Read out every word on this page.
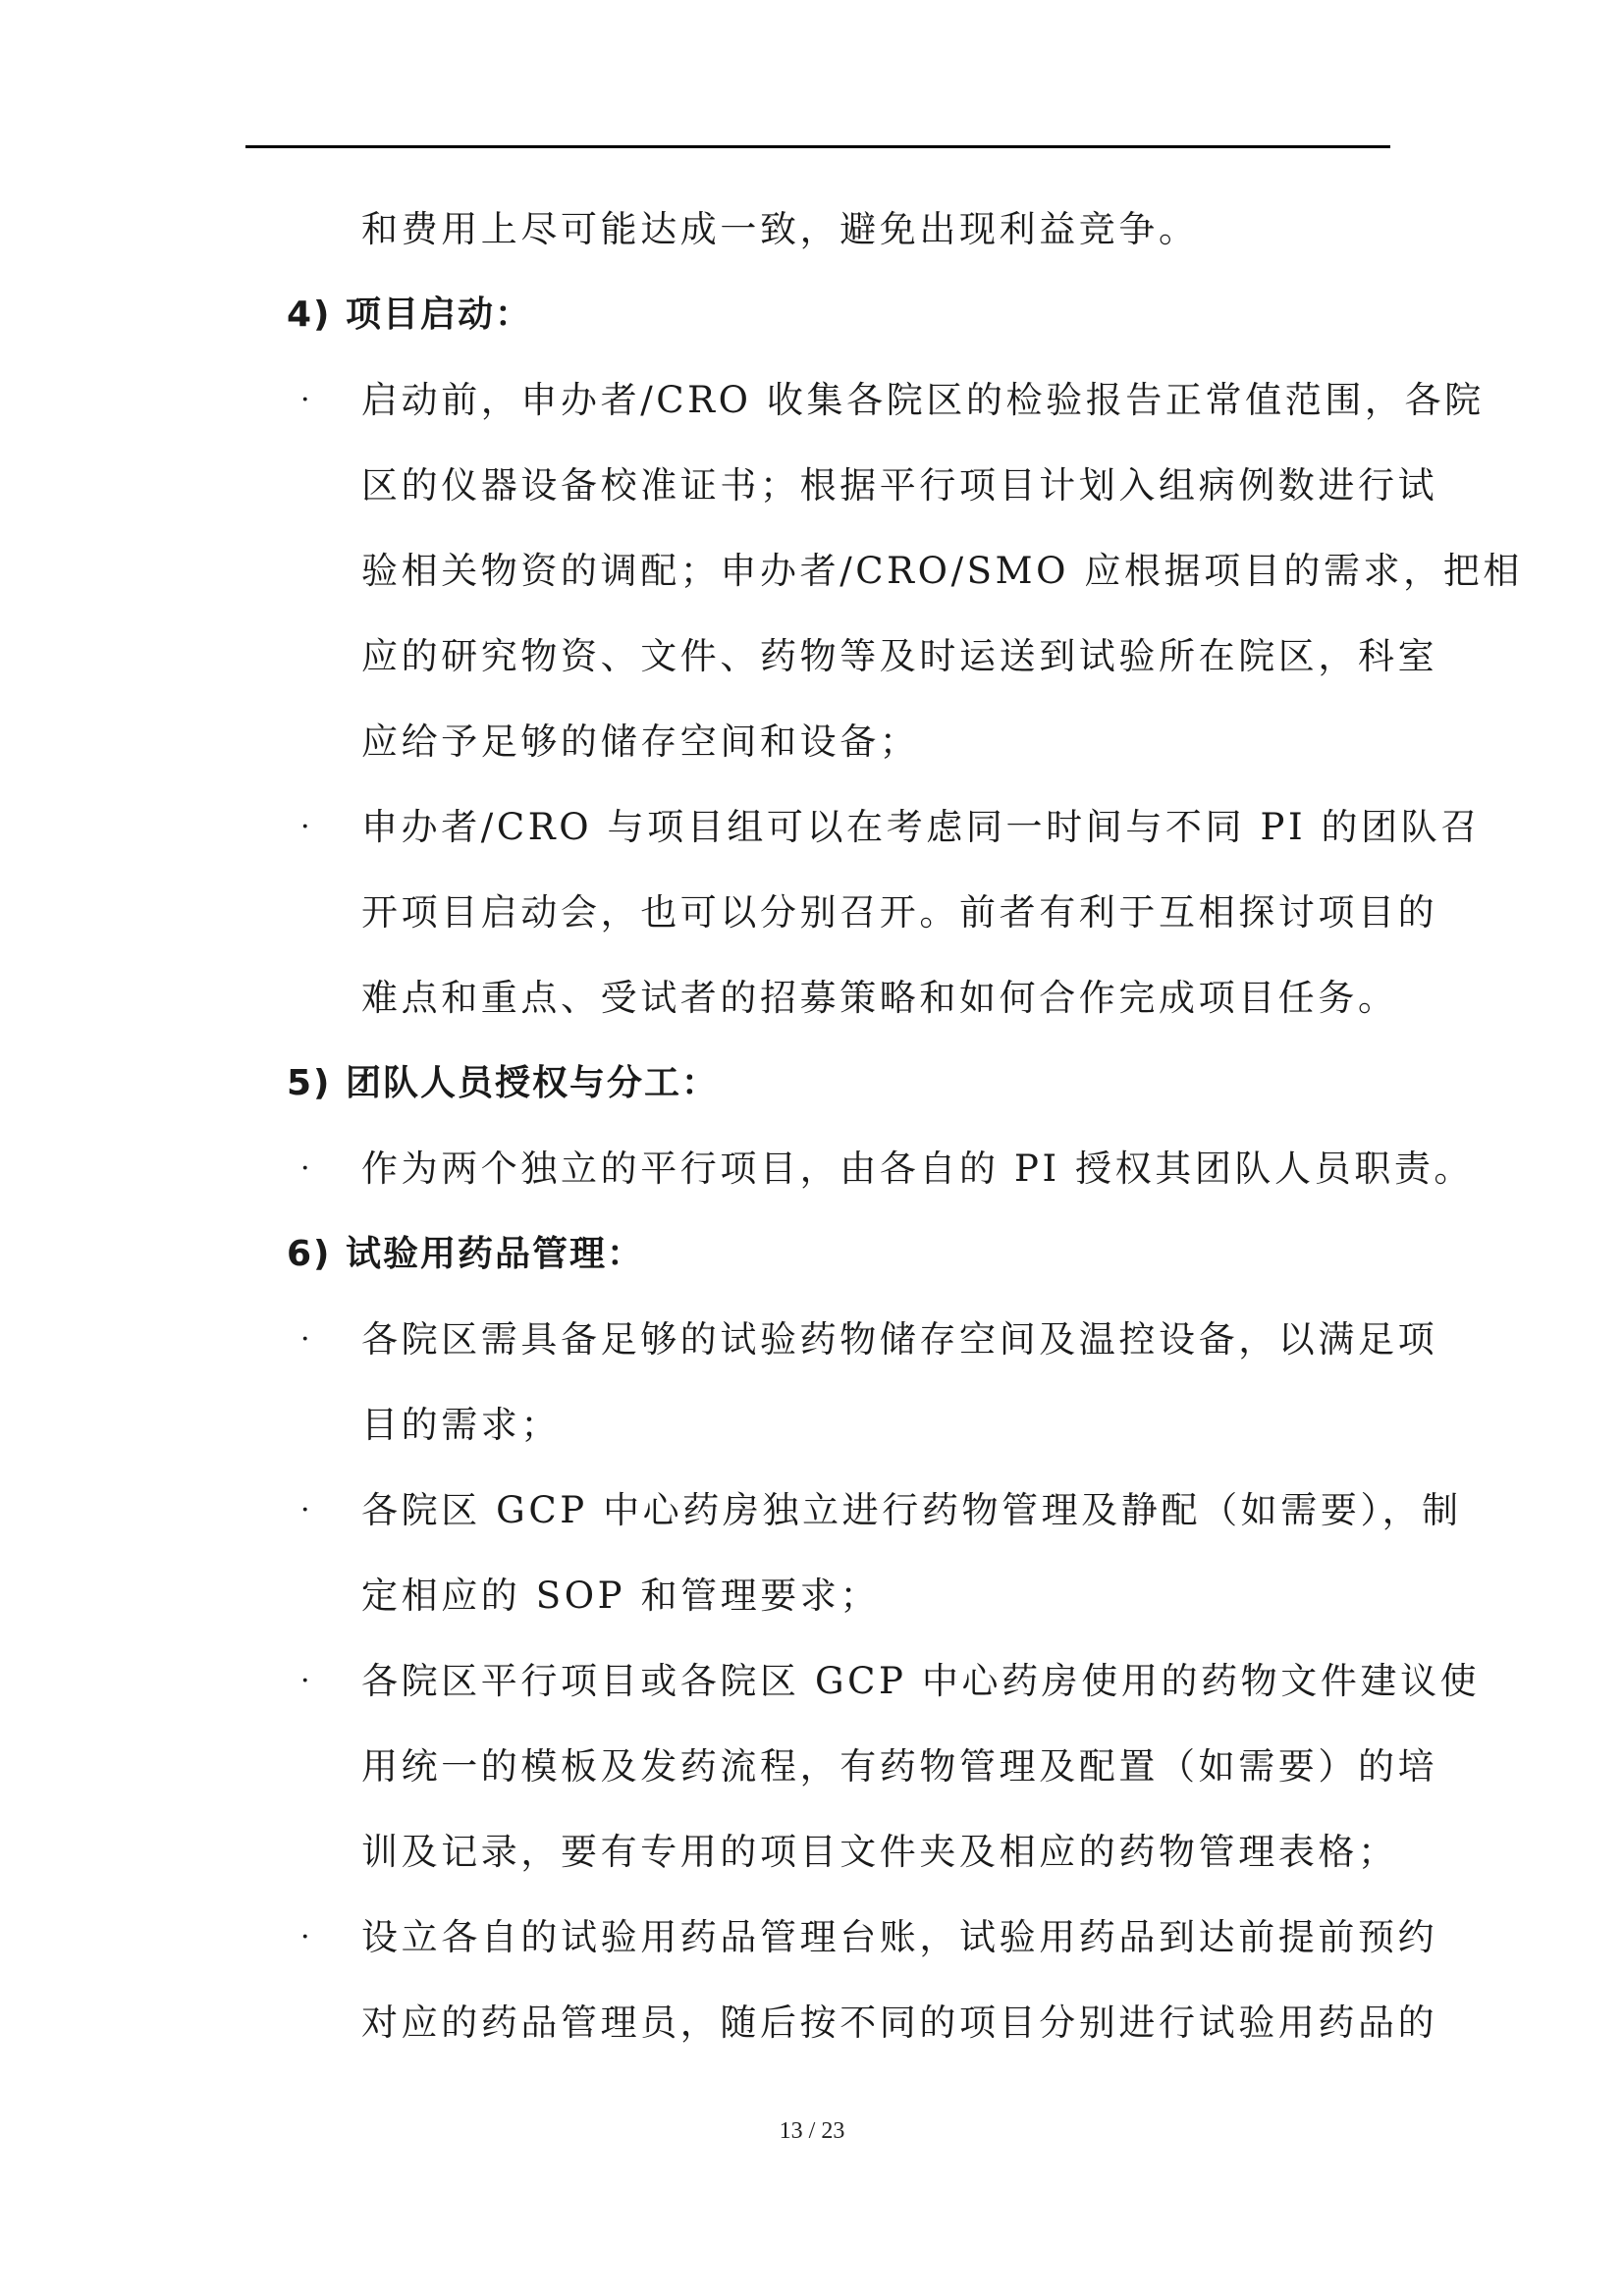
和费用上尽可能达成一致，避免出现利益竞争。
4) 项目启动：
· 启动前，申办者/CRO 收集各院区的检验报告正常值范围，各院
区的仪器设备校准证书；根据平行项目计划入组病例数进行试
验相关物资的调配；申办者/CRO/SMO 应根据项目的需求，把相
应的研究物资、文件、药物等及时运送到试验所在院区，科室
应给予足够的储存空间和设备；
· 申办者/CRO 与项目组可以在考虑同一时间与不同 PI 的团队召
开项目启动会，也可以分别召开。前者有利于互相探讨项目的
难点和重点、受试者的招募策略和如何合作完成项目任务。
5) 团队人员授权与分工：
· 作为两个独立的平行项目，由各自的 PI 授权其团队人员职责。
6) 试验用药品管理：
· 各院区需具备足够的试验药物储存空间及温控设备，以满足项
目的需求；
· 各院区 GCP 中心药房独立进行药物管理及静配（如需要），制
定相应的 SOP 和管理要求；
· 各院区平行项目或各院区 GCP 中心药房使用的药物文件建议使
用统一的模板及发药流程，有药物管理及配置（如需要）的培
训及记录，要有专用的项目文件夹及相应的药物管理表格；
· 设立各自的试验用药品管理台账，试验用药品到达前提前预约
对应的药品管理员，随后按不同的项目分别进行试验用药品的
13 / 23
